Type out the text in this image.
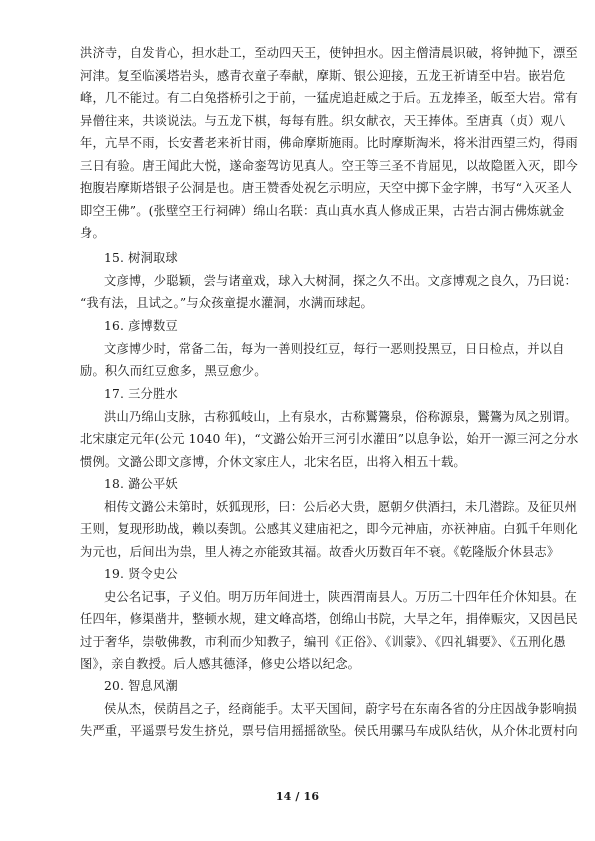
洪济寺，自发肯心，担水赴工，至动四天王，使钟担水。因主僧清晨识破，将钟抛下，漂至
河津。复至临溪塔岩头，感青衣童子奉献，摩斯、银公迎接，五龙王祈请至中岩。嵌岩危
峰，几不能过。有二白兔搭桥引之于前，一猛虎追赶威之于后。五龙捧圣，皈至大岩。常有
异僧往来，共谈说法。与五龙下棋，每每有胜。织女献衣，天王捧体。至唐真（贞）观八
年，亢旱不雨，长安耆老来祈甘雨，佛命摩斯施雨。比时摩斯淘米，将米泔西望三灼，得雨
三日有验。唐王闻此大悦，遂命銮驾访见真人。空王等三圣不肯屈见，以故隐匿入灭，即今
抱腹岩摩斯塔银子公洞是也。唐王赞香处祝乞示明应，天空中掷下金字牌，书写“入灭圣人
即空王佛”。(张壁空王行祠碑）绵山名联：真山真水真人修成正果，古岩古洞古佛炼就金
身。
15. 树洞取球
文彦博，少聪颖，尝与诸童戏，球入大树洞，探之久不出。文彦博观之良久，乃曰说：
“我有法，且试之。”与众孩童提水灌洞，水满而球起。
16. 彦博数豆
文彦博少时，常备二缶，每为一善则投红豆，每行一恶则投黑豆，日日检点，并以自
励。积久而红豆愈多，黑豆愈少。
17. 三分胜水
洪山乃绵山支脉，古称狐岐山，上有泉水，古称鸑鷟泉，俗称源泉，鸑鷟为凤之别谓。
北宋康定元年(公元 1040 年)，“文潞公始开三河引水灌田”以息争讼，始开一源三河之分水
惯例。文潞公即文彦博，介休文家庄人，北宋名臣，出将入相五十载。
18. 潞公平妖
相传文潞公未第时，妖狐现形，曰：公后必大贵，愿朝夕供酒扫，未几潜踪。及征贝州
王则，复现形助战，赖以奏凯。公感其义建庙祀之，即今元神庙，亦祆神庙。白狐千年则化
为元也，后间出为祟，里人祷之亦能致其福。故香火历数百年不衰。《乾隆版介休县志》
19. 贤令史公
史公名记事，子义伯。明万历年间进士，陕西渭南县人。万历二十四年任介休知县。在
任四年，修渠凿井，整顿水规，建文峰高塔，创绵山书院，大旱之年，捐俸赈灾，又因邑民
过于奢华，崇敬佛教，市利而少知教子，编刊《正俗》、《训蒙》、《四礼辑要》、《五刑化愚
图》，亲自教授。后人感其德泽，修史公塔以纪念。
20. 智息风潮
侯从杰，侯荫昌之子，经商能手。太平天国间，蔚字号在东南各省的分庄因战争影响损
失严重，平遥票号发生挤兑，票号信用摇摇欲坠。侯氏用骡马车成队结伙，从介休北贾村向
14 / 16
